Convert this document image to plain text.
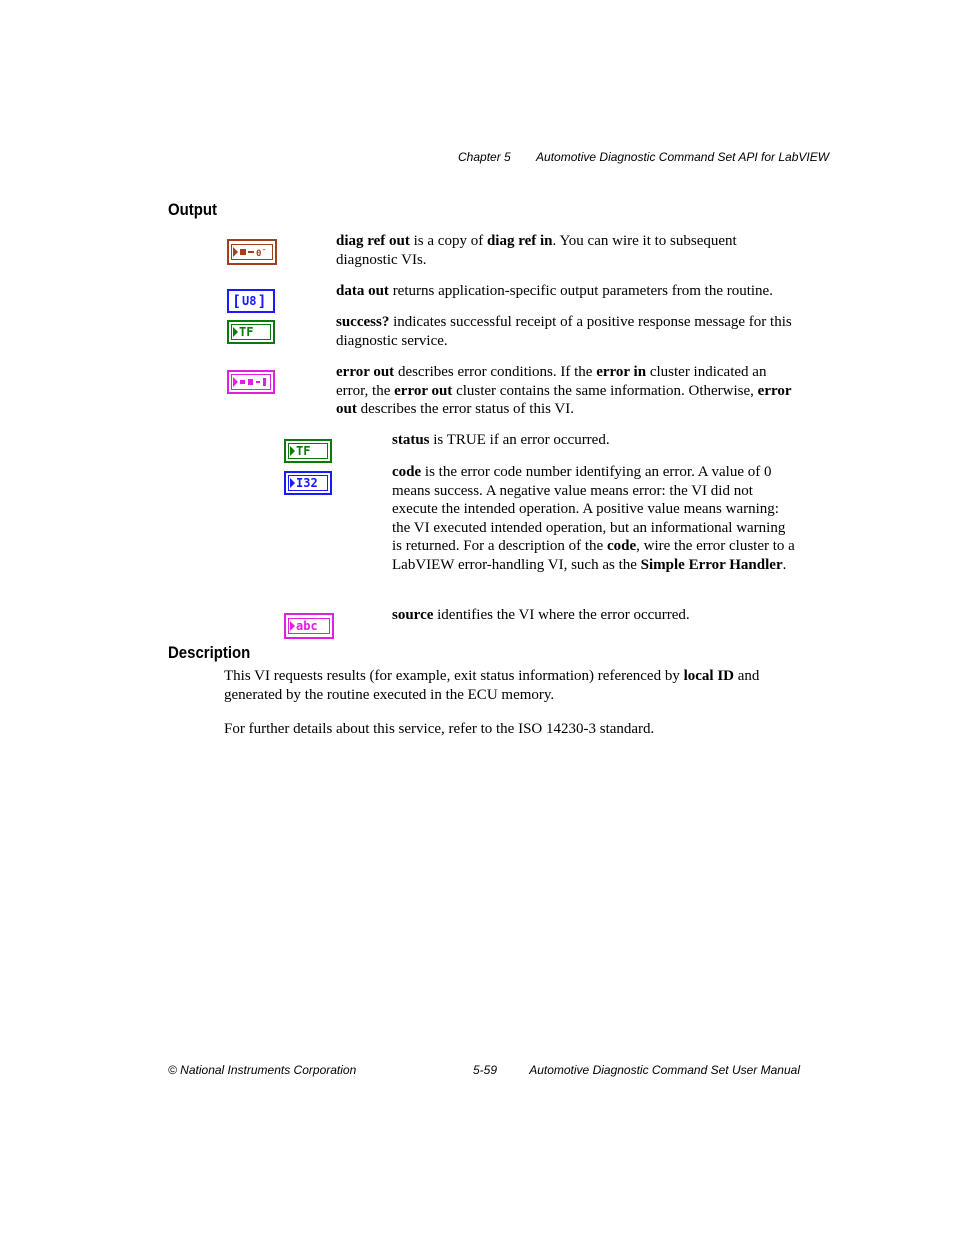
Chapter 5 Automotive Diagnostic Command Set API for LabVIEW
Output
0̆
diag ref out is a copy of diag ref in. You can wire it to subsequent diagnostic VIs.
[ U8 ]
data out returns application-specific output parameters from the routine.
TF
success? indicates successful receipt of a positive response message for this diagnostic service.
error out describes error conditions. If the error in cluster indicated an error, the error out cluster contains the same information. Otherwise, error out describes the error status of this VI.
TF
status is TRUE if an error occurred.
I32
code is the error code number identifying an error. A value of 0 means success. A negative value means error: the VI did not execute the intended operation. A positive value means warning: the VI executed intended operation, but an informational warning is returned. For a description of the code, wire the error cluster to a LabVIEW error-handling VI, such as the Simple Error Handler.
abc
source identifies the VI where the error occurred.
Description
This VI requests results (for example, exit status information) referenced by local ID and generated by the routine executed in the ECU memory.
For further details about this service, refer to the ISO 14230-3 standard.
© National Instruments Corporation	5-59	Automotive Diagnostic Command Set User Manual
